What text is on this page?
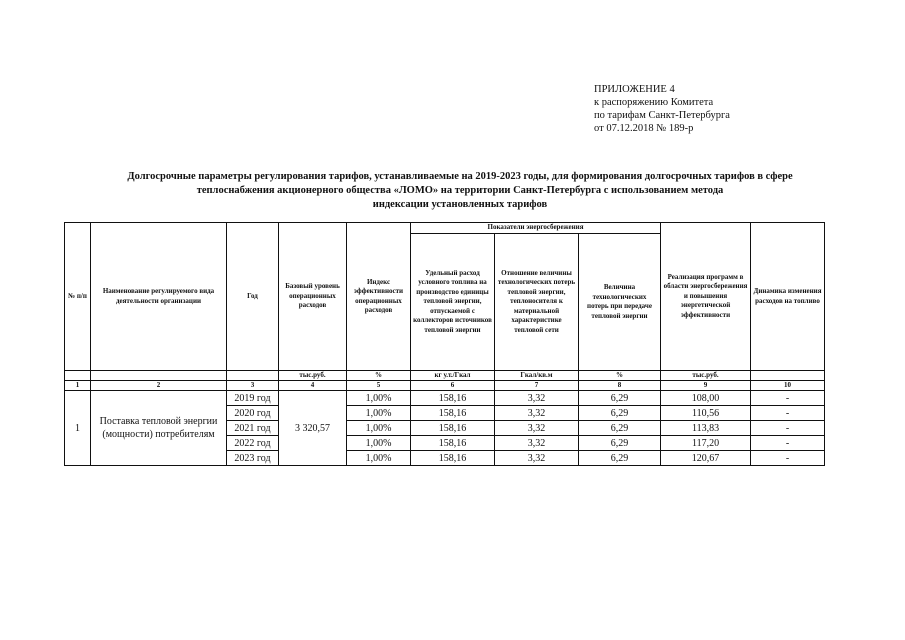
ПРИЛОЖЕНИЕ 4
к распоряжению Комитета
по тарифам Санкт-Петербурга
от 07.12.2018 № 189-р
Долгосрочные параметры регулирования тарифов, устанавливаемые на 2019-2023 годы, для формирования долгосрочных тарифов в сфере
теплоснабжения акционерного общества «ЛОМО» на территории Санкт-Петербурга с использованием метода
индексации установленных тарифов
№ п/п	Наименование регулируемого вида деятельности организации	Год	Базовый уровень операционных расходов	Индекс эффективности операционных расходов	Показатели энергосбережения			Реализация программ в области энергосбережения и повышения энергетической эффективности	Динамика изменения расходов на топливо
					Удельный расход условного топлива на производство единицы тепловой энергии, отпускаемой с коллекторов источников тепловой энергии	Отношение величины технологических потерь тепловой энергии, теплоносителя к материальной характеристике тепловой сети	Величина технологических потерь при передаче тепловой энергии		
			тыс.руб.	%	кг у.т./Гкал	Гкал/кв.м	%	тыс.руб.	
1	2	3	4	5	6	7	8	9	10
1	Поставка тепловой энергии (мощности) потребителям	2019 год	3 320,57	1,00%	158,16	3,32	6,29	108,00	-
		2020 год		1,00%	158,16	3,32	6,29	110,56	-
		2021 год		1,00%	158,16	3,32	6,29	113,83	-
		2022 год		1,00%	158,16	3,32	6,29	117,20	-
		2023 год		1,00%	158,16	3,32	6,29	120,67	-
